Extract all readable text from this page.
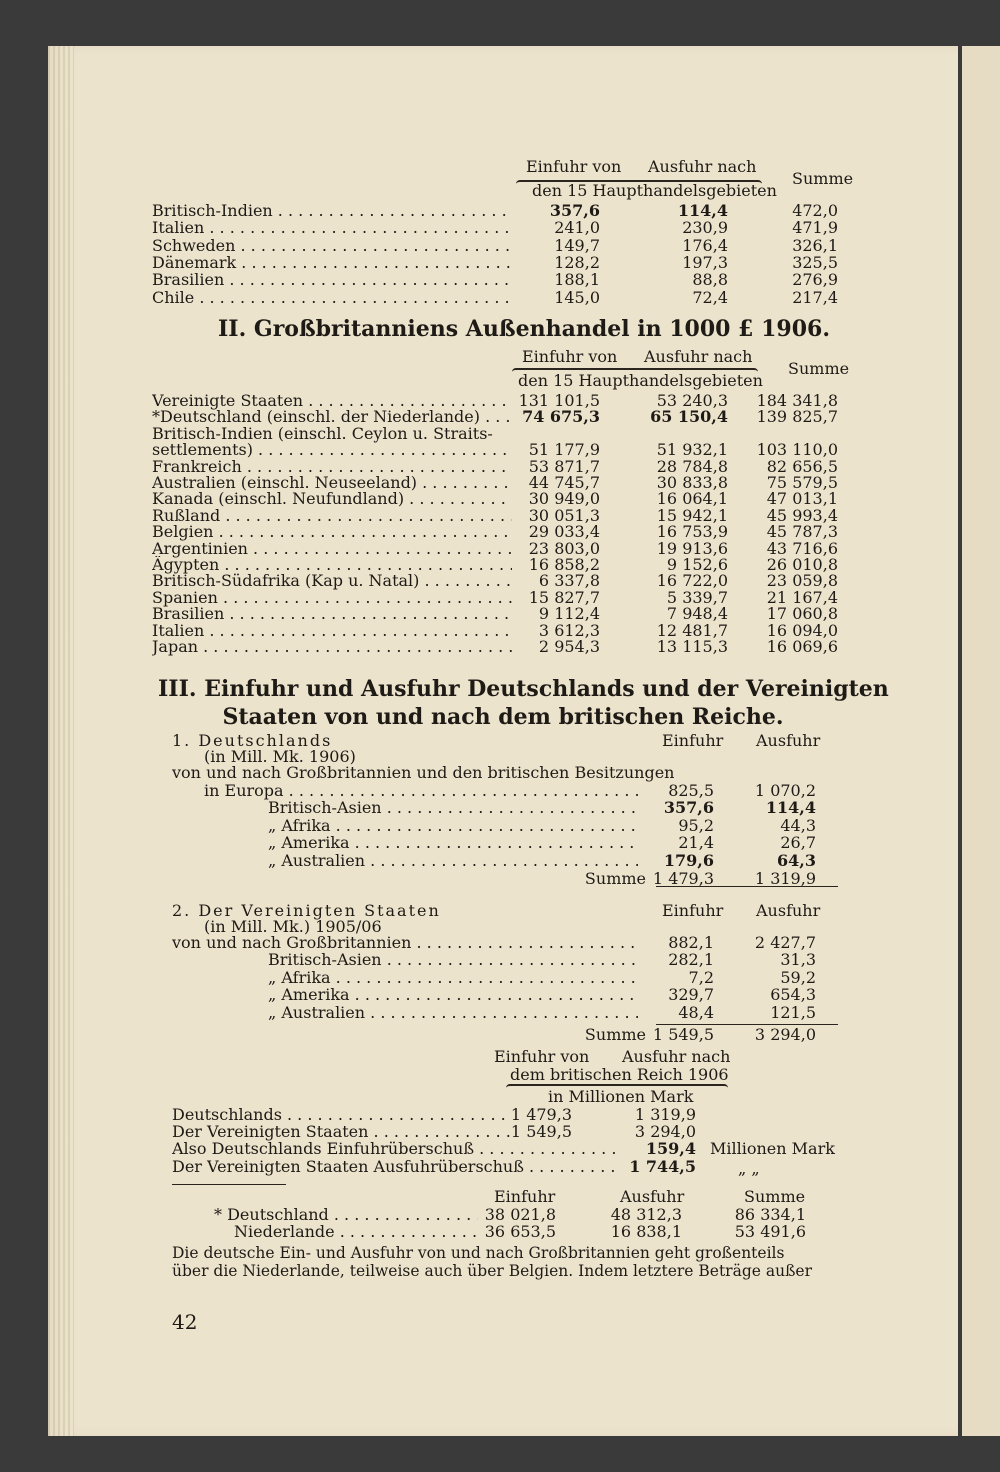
Einfuhr von Ausfuhr nach
den 15 Haupthandelsgebieten
Summe
Britisch-Indien . . .	357,6	114,4	472,0
Italien . . .	241,0	230,9	471,9
Schweden . . .	149,7	176,4	326,1
Dänemark . . .	128,2	197,3	325,5
Brasilien . . .	188,1	88,8	276,9
Chile . . .	145,0	72,4	217,4
II. Großbritanniens Außenhandel in 1000 £ 1906.
Einfuhr von Ausfuhr nach
den 15 Haupthandelsgebieten
Summe
Vereinigte Staaten . . .	131 101,5	53 240,3	184 341,8
*Deutschland (einschl. der Niederlande) . . .	74 675,3	65 150,4	139 825,7
Britisch-Indien (einschl. Ceylon u. Straits-
settlements) . . .	51 177,9	51 932,1	103 110,0
Frankreich . . .	53 871,7	28 784,8	82 656,5
Australien (einschl. Neuseeland) . . .	44 745,7	30 833,8	75 579,5
Kanada (einschl. Neufundland) . . .	30 949,0	16 064,1	47 013,1
Rußland . . .	30 051,3	15 942,1	45 993,4
Belgien . . .	29 033,4	16 753,9	45 787,3
Argentinien . . .	23 803,0	19 913,6	43 716,6
Ägypten . . .	16 858,2	9 152,6	26 010,8
Britisch-Südafrika (Kap u. Natal) . . .	6 337,8	16 722,0	23 059,8
Spanien . . .	15 827,7	5 339,7	21 167,4
Brasilien . . .	9 112,4	7 948,4	17 060,8
Italien . . .	3 612,3	12 481,7	16 094,0
Japan . . .	2 954,3	13 115,3	16 069,6
III. Einfuhr und Ausfuhr Deutschlands und der Vereinigten
Staaten von und nach dem britischen Reiche.
1. Deutschlands
(in Mill. Mk. 1906)
Einfuhr Ausfuhr
von und nach Großbritannien und den britischen Besitzungen
in Europa . . .	825,5	1 070,2
Britisch-Asien . . .	357,6	114,4
„ Afrika . . .	95,2	44,3
„ Amerika . . .	21,4	26,7
„ Australien . . .	179,6	64,3
Summe 1 479,3	1 319,9
2. Der Vereinigten Staaten
(in Mill. Mk.) 1905/06
Einfuhr Ausfuhr
von und nach Großbritannien . . .	882,1	2 427,7
Britisch-Asien . . .	282,1	31,3
„ Afrika . . .	7,2	59,2
„ Amerika . . .	329,7	654,3
„ Australien . . .	48,4	121,5
Summe 1 549,5	3 294,0
Einfuhr von Ausfuhr nach
dem britischen Reich 1906
in Millionen Mark
Deutschlands . . .	1 479,3	1 319,9
Der Vereinigten Staaten . . .	1 549,5	3 294,0
Also Deutschlands Einfuhrüberschuß . . .	159,4 Millionen Mark
Der Vereinigten Staaten Ausfuhrüberschuß . . .	1 744,5	„ „
Einfuhr	Ausfuhr	Summe
* Deutschland . . .	38 021,8	48 312,3	86 334,1
Niederlande . . .	36 653,5	16 838,1	53 491,6
Die deutsche Ein- und Ausfuhr von und nach Großbritannien geht großenteils
über die Niederlande, teilweise auch über Belgien. Indem letztere Beträge außer
42
